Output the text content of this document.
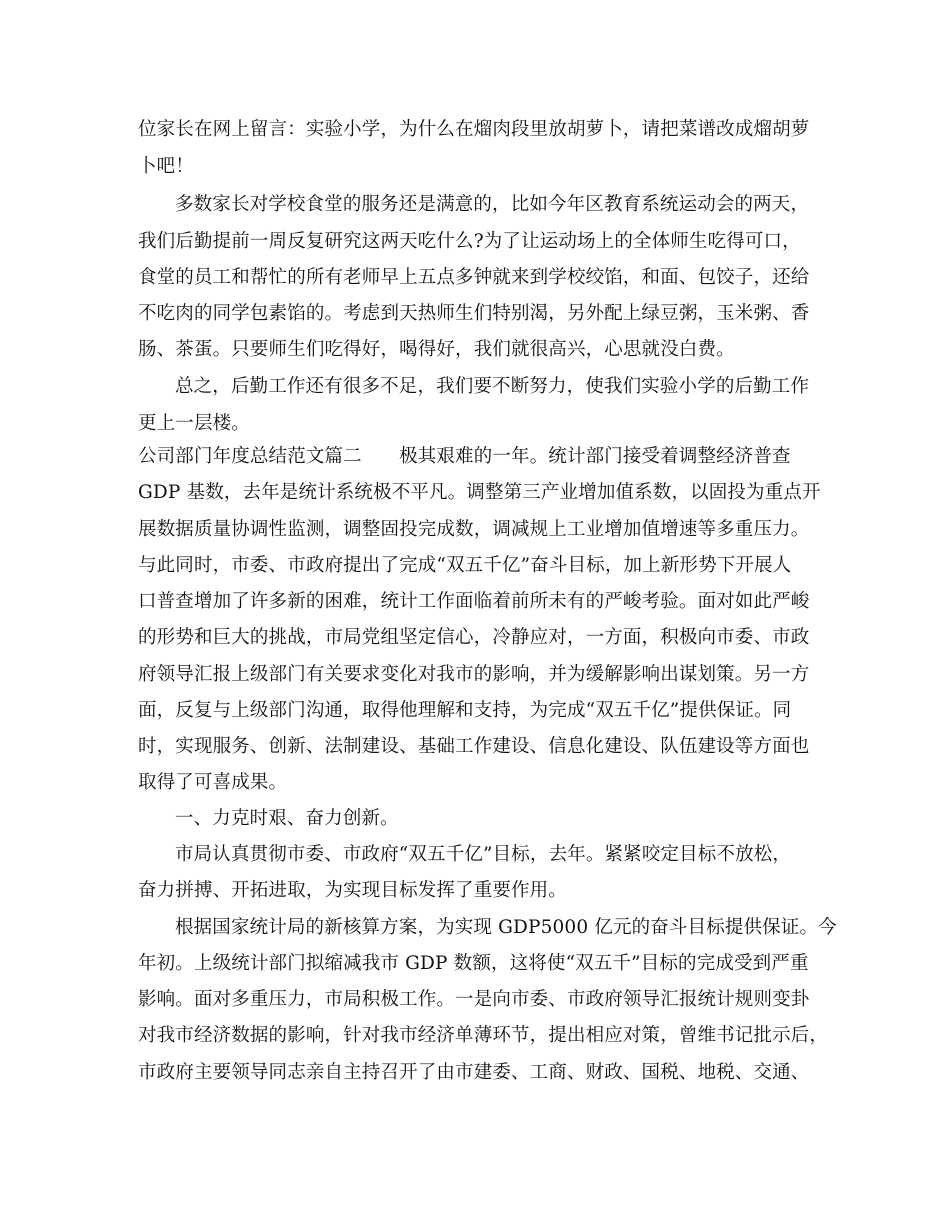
位家长在网上留言：实验小学，为什么在熘肉段里放胡萝卜，请把菜谱改成熘胡萝
卜吧！
多数家长对学校食堂的服务还是满意的，比如今年区教育系统运动会的两天，
我们后勤提前一周反复研究这两天吃什么?为了让运动场上的全体师生吃得可口，
食堂的员工和帮忙的所有老师早上五点多钟就来到学校绞馅，和面、包饺子，还给
不吃肉的同学包素馅的。考虑到天热师生们特别渴，另外配上绿豆粥，玉米粥、香
肠、茶蛋。只要师生们吃得好，喝得好，我们就很高兴，心思就没白费。
总之，后勤工作还有很多不足，我们要不断努力，使我们实验小学的后勤工作
更上一层楼。
公司部门年度总结范文篇二　　极其艰难的一年。统计部门接受着调整经济普查
GDP 基数，去年是统计系统极不平凡。调整第三产业增加值系数，以固投为重点开
展数据质量协调性监测，调整固投完成数，调减规上工业增加值增速等多重压力。
与此同时，市委、市政府提出了完成“双五千亿”奋斗目标，加上新形势下开展人
口普查增加了许多新的困难，统计工作面临着前所未有的严峻考验。面对如此严峻
的形势和巨大的挑战，市局党组坚定信心，冷静应对，一方面，积极向市委、市政
府领导汇报上级部门有关要求变化对我市的影响，并为缓解影响出谋划策。另一方
面，反复与上级部门沟通，取得他理解和支持，为完成“双五千亿”提供保证。同
时，实现服务、创新、法制建设、基础工作建设、信息化建设、队伍建设等方面也
取得了可喜成果。
一、力克时艰、奋力创新。
市局认真贯彻市委、市政府“双五千亿”目标，去年。紧紧咬定目标不放松，
奋力拼搏、开拓进取，为实现目标发挥了重要作用。
根据国家统计局的新核算方案，为实现 GDP5000 亿元的奋斗目标提供保证。今
年初。上级统计部门拟缩减我市 GDP 数额，这将使“双五千”目标的完成受到严重
影响。面对多重压力，市局积极工作。一是向市委、市政府领导汇报统计规则变卦
对我市经济数据的影响，针对我市经济单薄环节，提出相应对策，曾维书记批示后，
市政府主要领导同志亲自主持召开了由市建委、工商、财政、国税、地税、交通、
